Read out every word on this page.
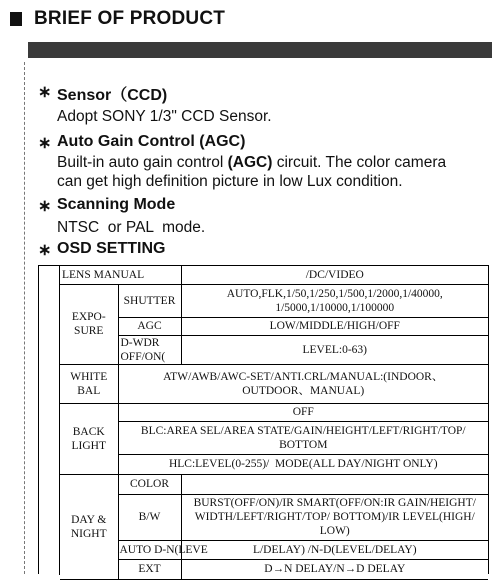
BRIEF OF PRODUCT
∗ Sensor（CCD)
Adopt SONY 1/3" CCD Sensor.
∗ Auto Gain Control (AGC)
Built-in auto gain control (AGC) circuit. The color camera
can get high definition picture in low Lux condition.
∗ Scanning Mode
NTSC  or PAL  mode.
∗ OSD SETTING
LENS MANUAL		/DC/VIDEO
EXPO-
SURE	SHUTTER	AUTO,FLK,1/50,1/250,1/500,1/2000,1/40000,
1/5000,1/10000,1/100000
	AGC	LOW/MIDDLE/HIGH/OFF
	D-WDR OFF/ON(	LEVEL:0-63)
WHITE
BAL	ATW/AWB/AWC-SET/ANTI.CRL/MANUAL:(INDOOR、
OUTDOOR、MANUAL)	
BACK
LIGHT	OFF	
	BLC:AREA SEL/AREA STATE/GAIN/HEIGHT/LEFT/RIGHT/TOP/
BOTTOM	
	HLC:LEVEL(0-255)/  MODE(ALL DAY/NIGHT ONLY)	
DAY &
NIGHT	COLOR	
	B/W	BURST(OFF/ON)/IR SMART(OFF/ON:IR GAIN/HEIGHT/
WIDTH/LEFT/RIGHT/TOP/ BOTTOM)/IR LEVEL(HIGH/
LOW)
	AUTO D-N(LEVE	L/DELAY) /N-D(LEVEL/DELAY)
	EXT	D→N DELAY/N→D DELAY
